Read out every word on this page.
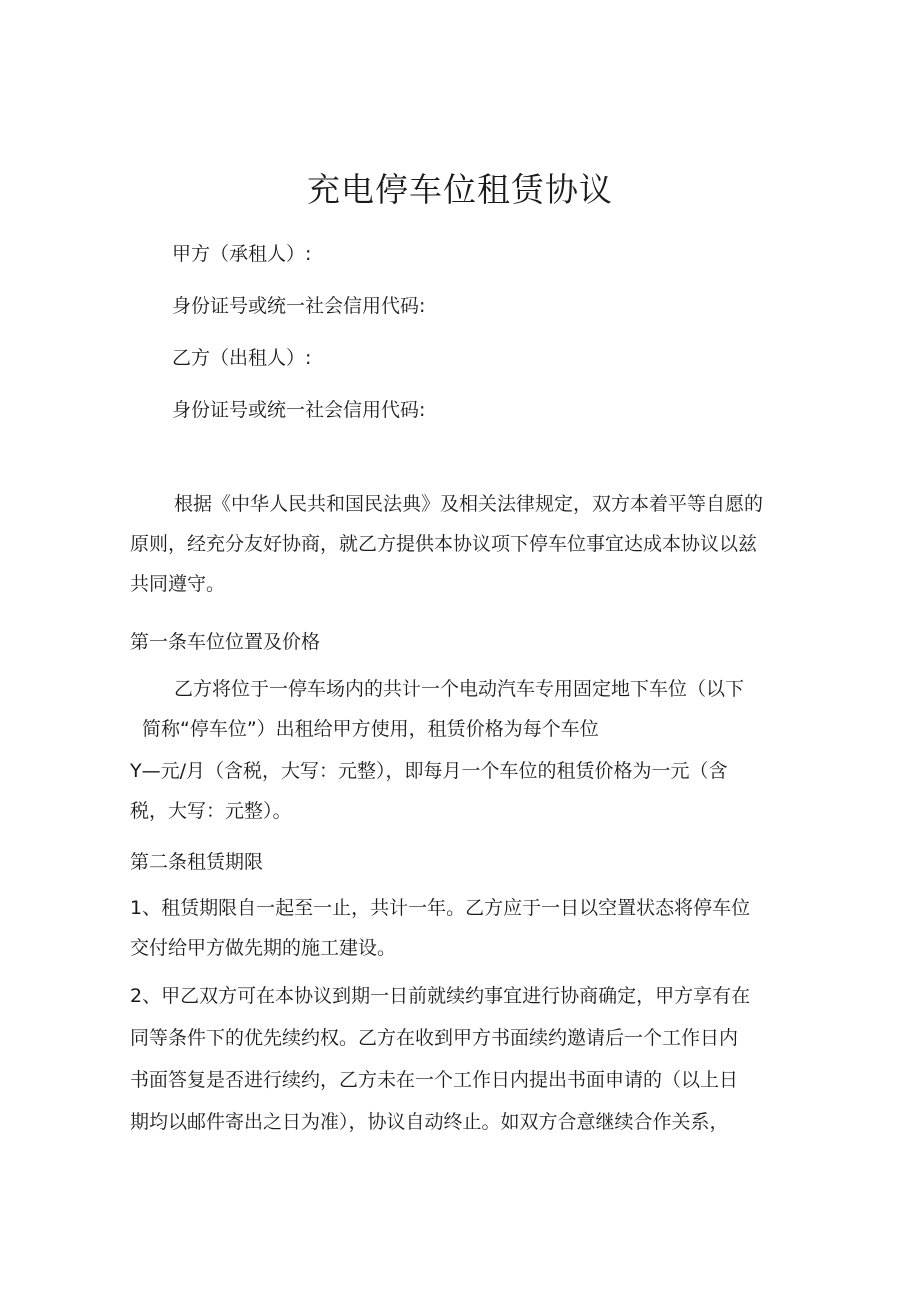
充电停车位租赁协议

甲方（承租人）:

身份证号或统一社会信用代码:

乙方（出租人）:

身份证号或统一社会信用代码:

根据《中华人民共和国民法典》及相关法律规定，双方本着平等自愿的

原则，经充分友好协商，就乙方提供本协议项下停车位事宜达成本协议以兹

共同遵守。

第一条车位位置及价格

乙方将位于一停车场内的共计一个电动汽车专用固定地下车位（以下

简称“停车位”）出租给甲方使用，租赁价格为每个车位

Y—元/月（含税，大写：元整），即每月一个车位的租赁价格为一元（含

税，大写：元整）。

第二条租赁期限

1、租赁期限自一起至一止，共计一年。乙方应于一日以空置状态将停车位

交付给甲方做先期的施工建设。

2、甲乙双方可在本协议到期一日前就续约事宜进行协商确定，甲方享有在

同等条件下的优先续约权。乙方在收到甲方书面续约邀请后一个工作日内

书面答复是否进行续约，乙方未在一个工作日内提出书面申请的（以上日

期均以邮件寄出之日为准），协议自动终止。如双方合意继续合作关系，
